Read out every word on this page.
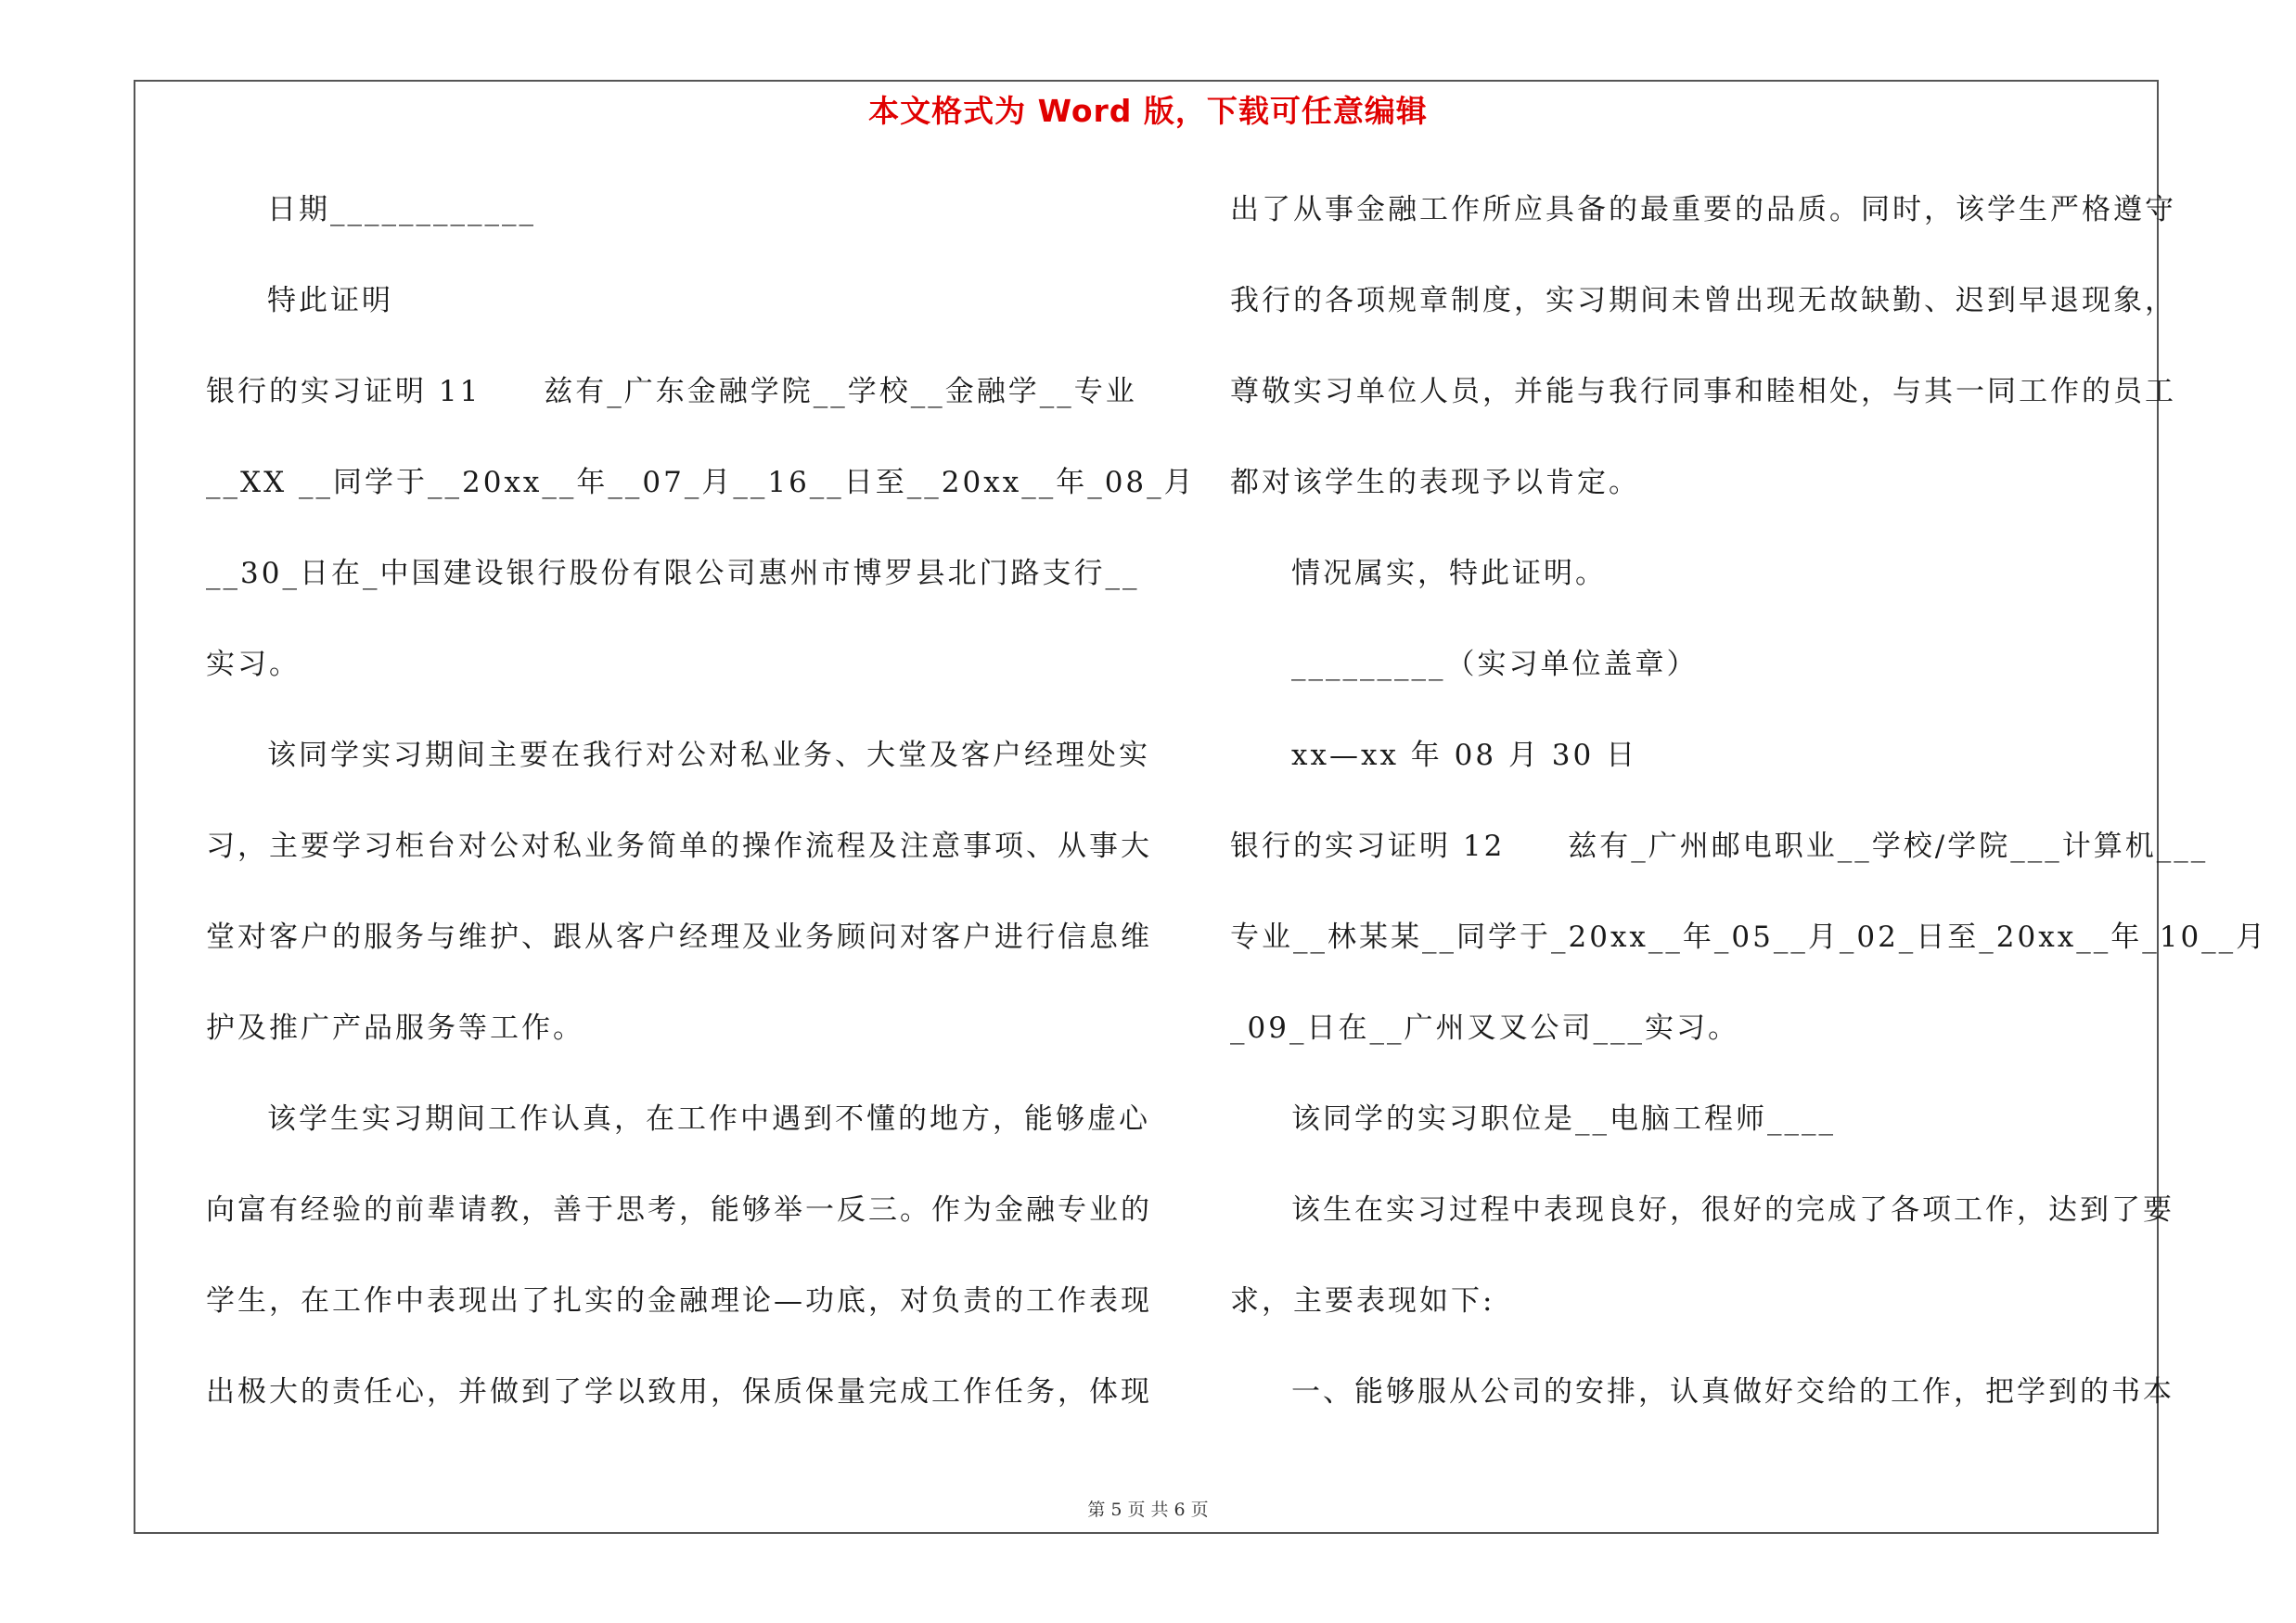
本文格式为 Word 版，下载可任意编辑
日期____________
特此证明
银行的实习证明 11　　兹有_广东金融学院__学校__金融学__专业
__XX __同学于__20xx__年__07_月__16__日至__20xx__年_08_月
__30_日在_中国建设银行股份有限公司惠州市博罗县北门路支行__
实习。
该同学实习期间主要在我行对公对私业务、大堂及客户经理处实
习，主要学习柜台对公对私业务简单的操作流程及注意事项、从事大
堂对客户的服务与维护、跟从客户经理及业务顾问对客户进行信息维
护及推广产品服务等工作。
该学生实习期间工作认真，在工作中遇到不懂的地方，能够虚心
向富有经验的前辈请教，善于思考，能够举一反三。作为金融专业的
学生，在工作中表现出了扎实的金融理论—功底，对负责的工作表现
出极大的责任心，并做到了学以致用，保质保量完成工作任务，体现
出了从事金融工作所应具备的最重要的品质。同时，该学生严格遵守
我行的各项规章制度，实习期间未曾出现无故缺勤、迟到早退现象，
尊敬实习单位人员，并能与我行同事和睦相处，与其一同工作的员工
都对该学生的表现予以肯定。
情况属实，特此证明。
_________（实习单位盖章）
xx—xx 年 08 月 30 日
银行的实习证明 12　　兹有_广州邮电职业__学校/学院___计算机___
专业__林某某__同学于_20xx__年_05__月_02_日至_20xx__年_10__月
_09_日在__广州叉叉公司___实习。
该同学的实习职位是__电脑工程师____
该生在实习过程中表现良好，很好的完成了各项工作，达到了要
求，主要表现如下:
一、能够服从公司的安排，认真做好交给的工作，把学到的书本
第 5 页 共 6 页
